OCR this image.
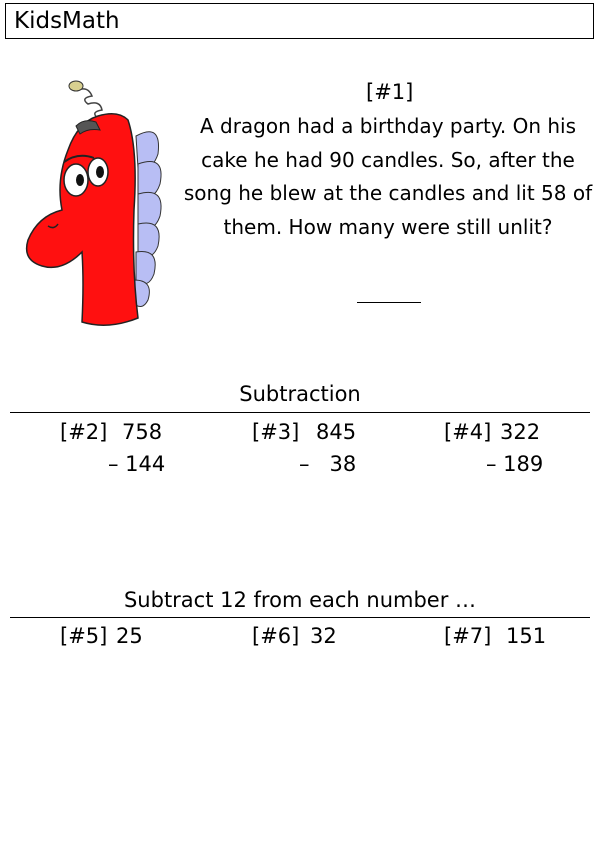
KidsMath
[#1]
A dragon had a birthday party. On his cake he had 90 candles. So, after the song he blew at the candles and lit 58 of them. How many were still unlit?
Subtraction
[#2] 758
– 144
[#3] 845
–   38
[#4] 322
– 189
Subtract 12 from each number …
[#5] 25	[#6] 32	[#7] 151
